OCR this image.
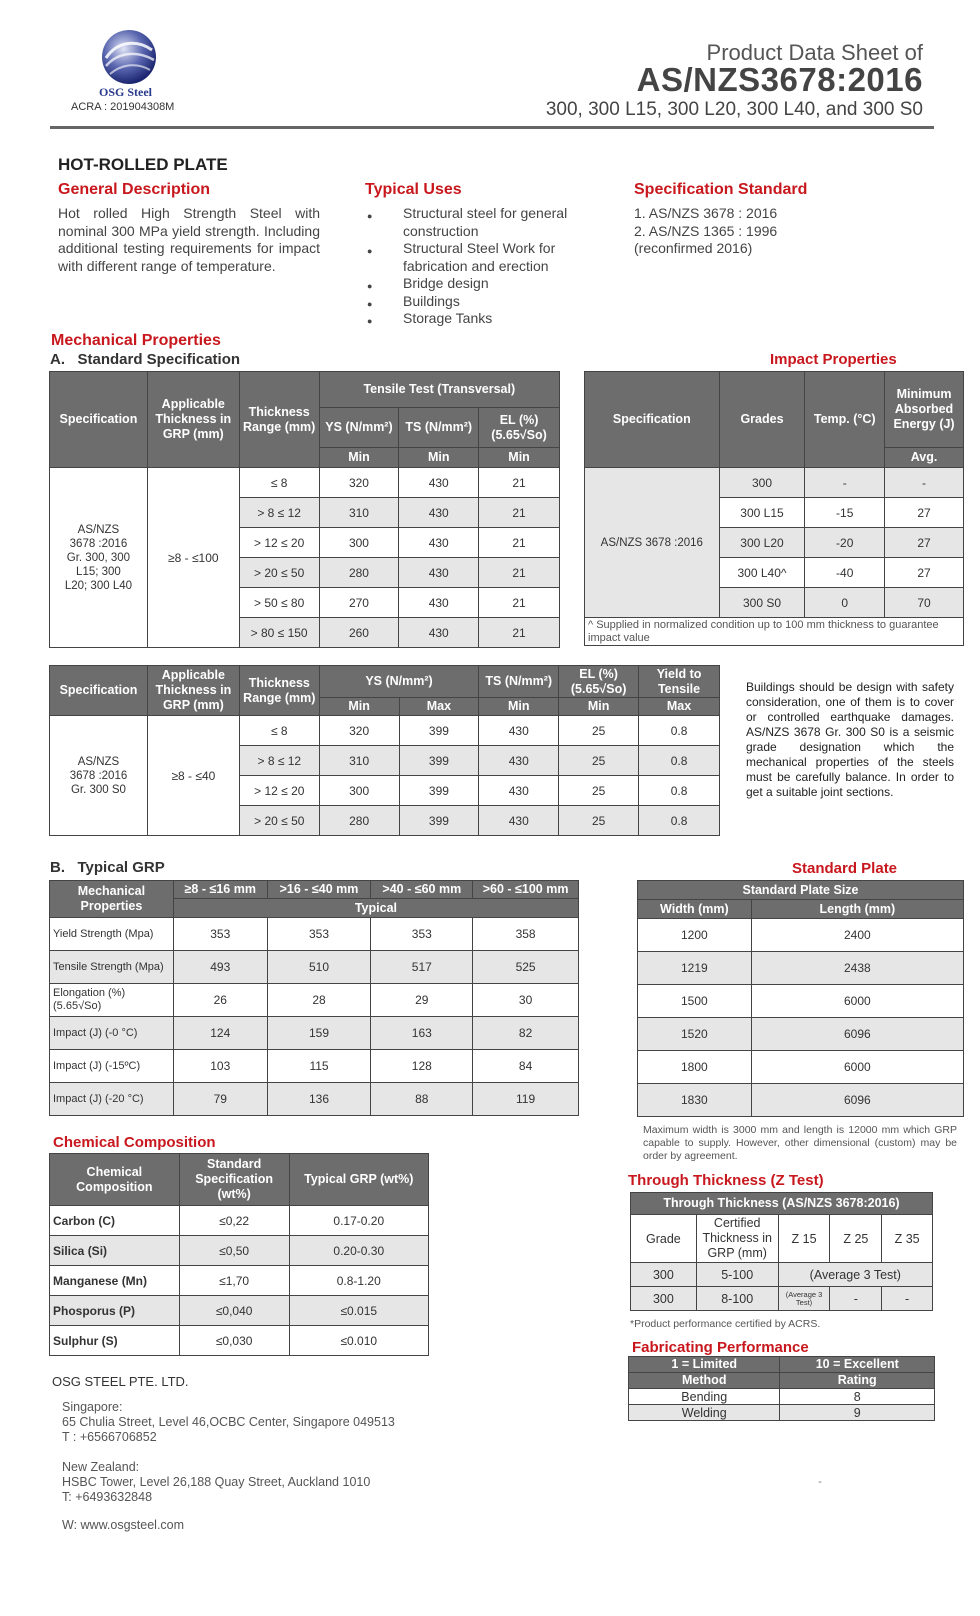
OSG Steel
ACRA : 201904308M
Product Data Sheet of
AS/NZS3678:2016
300, 300 L15, 300 L20, 300 L40, and 300 S0
HOT-ROLLED PLATE
General Description
Hot rolled High Strength Steel with nominal 300 MPa yield strength. Including additional testing requirements for impact with different range of temperature.
Typical Uses
● Structural steel for general construction
● Structural Steel Work for fabrication and erection
● Bridge design
● Buildings
● Storage Tanks
Specification Standard
1. AS/NZS 3678 : 2016
2. AS/NZS 1365 : 1996
(reconfirmed 2016)
Mechanical Properties
A.   Standard Specification	Impact Properties
Specification	Applicable Thickness in GRP (mm)	Thickness Range (mm)	Tensile Test (Transversal)		
			YS (N/mm²)	TS (N/mm²)	EL (%) (5.65√So)
			Min	Min	Min
AS/NZS 3678 :2016 Gr. 300, 300 L15; 300 L20; 300 L40	≥8 - ≤100	≤ 8	320	430	21
		> 8 ≤ 12	310	430	21
		> 12 ≤ 20	300	430	21
		> 20 ≤ 50	280	430	21
		> 50 ≤ 80	270	430	21
		> 80 ≤ 150	260	430	21
Specification	Grades	Temp. (°C)	Minimum Absorbed Energy (J)
			Avg.
AS/NZS 3678 :2016	300	-	-
	300 L15	-15	27
	300 L20	-20	27
	300 L40^	-40	27
	300 S0	0	70
^ Supplied in normalized condition up to 100 mm thickness to guarantee impact value			
Specification	Applicable Thickness in GRP (mm)	Thickness Range (mm)	YS (N/mm²)		TS (N/mm²)	EL (%) (5.65√So)	Yield to Tensile
			Min	Max	Min	Min	Max
AS/NZS 3678 :2016 Gr. 300 S0	≥8 - ≤40	≤ 8	320	399	430	25	0.8
		> 8 ≤ 12	310	399	430	25	0.8
		> 12 ≤ 20	300	399	430	25	0.8
		> 20 ≤ 50	280	399	430	25	0.8
Buildings should be design with safety consideration, one of them is to cover or controlled earthquake damages. AS/NZS 3678 Gr. 300 S0 is a seismic grade designation which the mechanical properties of the steels must be carefully balance. In order to get a suitable joint sections.
B.   Typical GRP	Standard Plate
Mechanical Properties	≥8 - ≤16 mm	>16 - ≤40 mm	>40 - ≤60 mm	>60 - ≤100 mm
	Typical			
Yield Strength (Mpa)	353	353	353	358
Tensile Strength (Mpa)	493	510	517	525
Elongation (%) (5.65√So)	26	28	29	30
Impact (J) (-0 °C)	124	159	163	82
Impact (J) (-15ºC)	103	115	128	84
Impact (J) (-20 °C)	79	136	88	119
Standard Plate Size	
Width (mm)	Length (mm)
1200	2400
1219	2438
1500	6000
1520	6096
1800	6000
1830	6096
Maximum width is 3000 mm and length is 12000 mm which GRP capable to supply. However, other dimensional (custom) may be order by agreement.
Chemical Composition
Chemical Composition	Standard Specification (wt%)	Typical GRP (wt%)
Carbon (C)	≤0,22	0.17-0.20
Silica (Si)	≤0,50	0.20-0.30
Manganese (Mn)	≤1,70	0.8-1.20
Phosporus (P)	≤0,040	≤0.015
Sulphur (S)	≤0,030	≤0.010
Through Thickness (Z Test)
Through Thickness (AS/NZS 3678:2016)				
Grade	Certified Thickness in GRP (mm)	Z 15	Z 25	Z 35
300	5-100	(Average 3 Test)		
300	8-100	(Average 3 Test)	-	-
*Product performance certified by ACRS.
Fabricating Performance
1 = Limited	10 = Excellent
Method	Rating
Bending	8
Welding	9
OSG STEEL PTE. LTD.
Singapore:
65 Chulia Street, Level 46,OCBC Center, Singapore 049513
T : +6566706852
New Zealand:
HSBC Tower, Level 26,188 Quay Street, Auckland 1010
T: +6493632848
W: www.osgsteel.com
-
